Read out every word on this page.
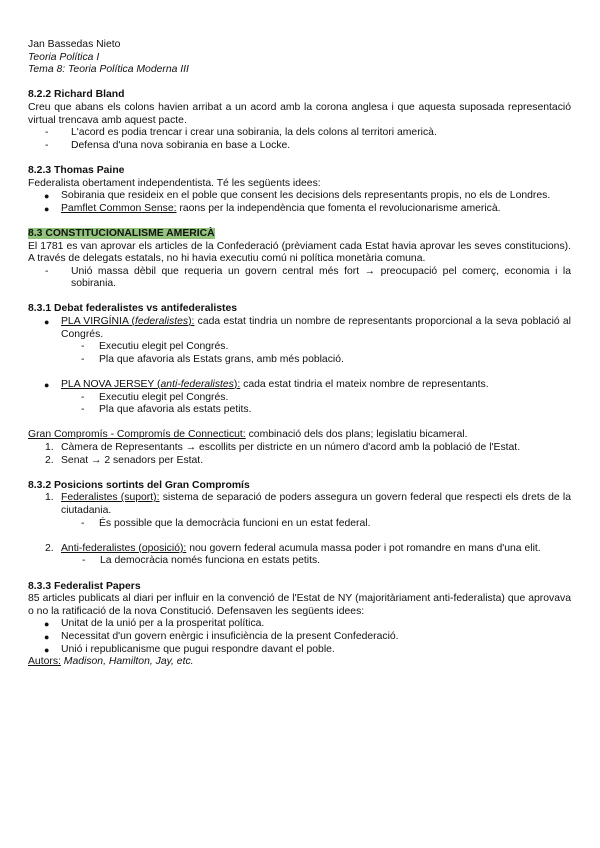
Jan Bassedas Nieto

Teoria Política I

Tema 8: Teoria Política Moderna III

8.2.2 Richard Bland

Creu que abans els colons havien arribat a un acord amb la corona anglesa i que aquesta suposada representació virtual trencava amb aquest pacte.

- L'acord es podia trencar i crear una sobirania, la dels colons al territori americà.
- Defensa d'una nova sobirania en base a Locke.

8.2.3 Thomas Paine

Federalista obertament independentista. Té les següents idees:

● Sobirania que resideix en el poble que consent les decisions dels representants propis, no els de Londres.
● Pamflet Common Sense: raons per la independència que fomenta el revolucionarisme americà.

8.3 CONSTITUCIONALISME AMERICÀ

El 1781 es van aprovar els articles de la Confederació (prèviament cada Estat havia aprovar les seves constitucions). A través de delegats estatals, no hi havia executiu comú ni política monetària comuna.

- Unió massa dèbil que requeria un govern central més fort → preocupació pel comerç, economia i la sobirania.

8.3.1 Debat federalistes vs antifederalistes

● PLA VIRGÍNIA (federalistes): cada estat tindria un nombre de representants proporcional a la seva població al Congrés.
- Executiu elegit pel Congrés.
- Pla que afavoria als Estats grans, amb més població.
● PLA NOVA JERSEY (anti-federalistes): cada estat tindria el mateix nombre de representants.
- Executiu elegit pel Congrés.
- Pla que afavoria als estats petits.

Gran Compromís - Compromís de Connecticut: combinació dels dos plans; legislatiu bicameral.

1. Càmera de Representants → escollits per districte en un número d'acord amb la població de l'Estat.
2. Senat → 2 senadors per Estat.

8.3.2 Posicions sortints del Gran Compromís

1. Federalistes (suport): sistema de separació de poders assegura un govern federal que respecti els drets de la ciutadania.
- És possible que la democràcia funcioni en un estat federal.
2. Anti-federalistes (oposició): nou govern federal acumula massa poder i pot romandre en mans d'una elit.
- La democràcia només funciona en estats petits.

8.3.3 Federalist Papers

85 articles publicats al diari per influir en la convenció de l'Estat de NY (majoritàriament anti-federalista) que aprovava o no la ratificació de la nova Constitució. Defensaven les següents idees:

● Unitat de la unió per a la prosperitat política.
● Necessitat d'un govern enèrgic i insuficiència de la present Confederació.
● Unió i republicanisme que pugui respondre davant el poble.

Autors: Madison, Hamilton, Jay, etc.
